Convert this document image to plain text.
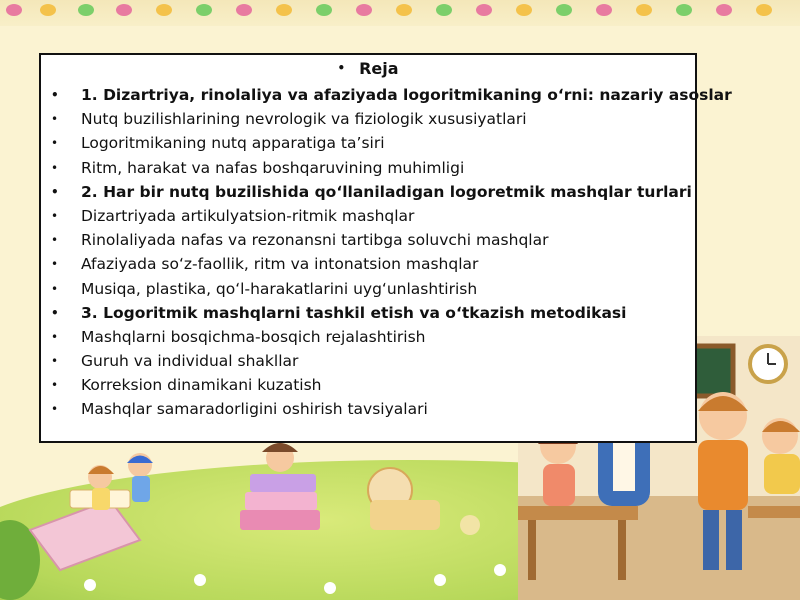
• Reja
• 1. Dizartriya, rinolaliya va afaziyada logoritmikaning oʻrni: nazariy asoslar
• Nutq buzilishlarining nevrologik va fiziologik xususiyatlari
• Logoritmikaning nutq apparatiga taʼsiri
• Ritm, harakat va nafas boshqaruvining muhimligi
• 2. Har bir nutq buzilishida qoʻllaniladigan logoretmik mashqlar turlari
• Dizartriyada artikulyatsion-ritmik mashqlar
• Rinolaliyada nafas va rezonansni tartibga soluvchi mashqlar
• Afaziyada soʻz-faollik, ritm va intonatsion mashqlar
• Musiqa, plastika, qoʻl-harakatlarini uygʻunlashtirish
• 3. Logoritmik mashqlarni tashkil etish va oʻtkazish metodikasi
• Mashqlarni bosqichma-bosqich rejalashtirish
• Guruh va individual shakllar
• Korreksion dinamikani kuzatish
• Mashqlar samaradorligini oshirish tavsiyalari
